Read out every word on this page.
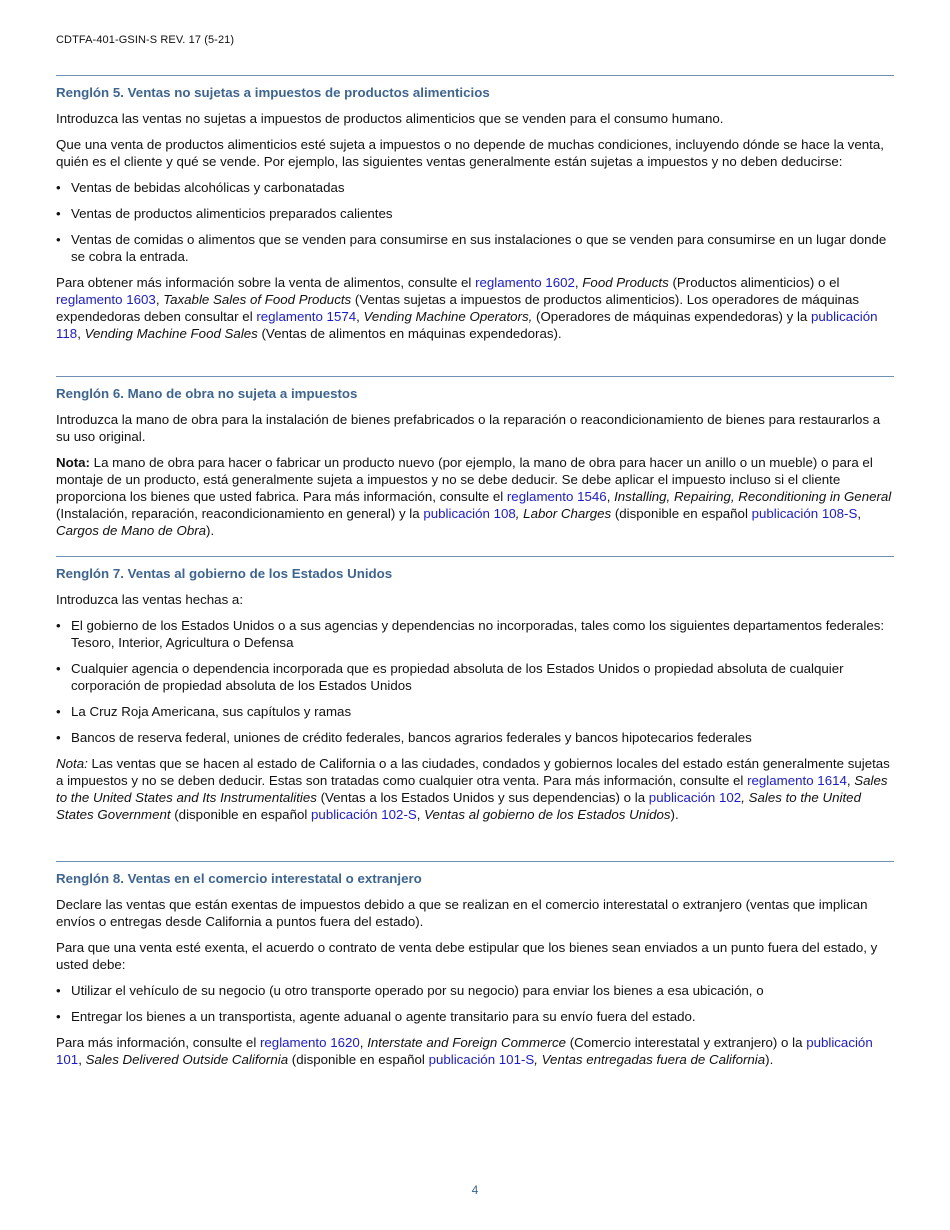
CDTFA-401-GSIN-S REV. 17 (5-21)
Renglón 5. Ventas no sujetas a impuestos de productos alimenticios

Introduzca las ventas no sujetas a impuestos de productos alimenticios que se venden para el consumo humano.

Que una venta de productos alimenticios esté sujeta a impuestos o no depende de muchas condiciones, incluyendo dónde se hace la venta, quién es el cliente y qué se vende. Por ejemplo, las siguientes ventas generalmente están sujetas a impuestos y no deben deducirse:

• Ventas de bebidas alcohólicas y carbonatadas
• Ventas de productos alimenticios preparados calientes
• Ventas de comidas o alimentos que se venden para consumirse en sus instalaciones o que se venden para consumirse en un lugar donde se cobra la entrada.

Para obtener más información sobre la venta de alimentos, consulte el reglamento 1602, Food Products (Productos alimenticios) o el reglamento 1603, Taxable Sales of Food Products (Ventas sujetas a impuestos de productos alimenticios). Los operadores de máquinas expendedoras deben consultar el reglamento 1574, Vending Machine Operators, (Operadores de máquinas expendedoras) y la publicación 118, Vending Machine Food Sales (Ventas de alimentos en máquinas expendedoras).

Renglón 6. Mano de obra no sujeta a impuestos

Introduzca la mano de obra para la instalación de bienes prefabricados o la reparación o reacondicionamiento de bienes para restaurarlos a su uso original.

Nota: La mano de obra para hacer o fabricar un producto nuevo (por ejemplo, la mano de obra para hacer un anillo o un mueble) o para el montaje de un producto, está generalmente sujeta a impuestos y no se debe deducir. Se debe aplicar el impuesto incluso si el cliente proporciona los bienes que usted fabrica. Para más información, consulte el reglamento 1546, Installing, Repairing, Reconditioning in General (Instalación, reparación, reacondicionamiento en general) y la publicación 108, Labor Charges (disponible en español publicación 108-S, Cargos de Mano de Obra).

Renglón 7. Ventas al gobierno de los Estados Unidos

Introduzca las ventas hechas a:

• El gobierno de los Estados Unidos o a sus agencias y dependencias no incorporadas, tales como los siguientes departamentos federales: Tesoro, Interior, Agricultura o Defensa
• Cualquier agencia o dependencia incorporada que es propiedad absoluta de los Estados Unidos o propiedad absoluta de cualquier corporación de propiedad absoluta de los Estados Unidos
• La Cruz Roja Americana, sus capítulos y ramas
• Bancos de reserva federal, uniones de crédito federales, bancos agrarios federales y bancos hipotecarios federales

Nota: Las ventas que se hacen al estado de California o a las ciudades, condados y gobiernos locales del estado están generalmente sujetas a impuestos y no se deben deducir. Estas son tratadas como cualquier otra venta. Para más información, consulte el reglamento 1614, Sales to the United States and Its Instrumentalities (Ventas a los Estados Unidos y sus dependencias) o la publicación 102, Sales to the United States Government (disponible en español publicación 102-S, Ventas al gobierno de los Estados Unidos).

Renglón 8. Ventas en el comercio interestatal o extranjero

Declare las ventas que están exentas de impuestos debido a que se realizan en el comercio interestatal o extranjero (ventas que implican envíos o entregas desde California a puntos fuera del estado).

Para que una venta esté exenta, el acuerdo o contrato de venta debe estipular que los bienes sean enviados a un punto fuera del estado, y usted debe:

• Utilizar el vehículo de su negocio (u otro transporte operado por su negocio) para enviar los bienes a esa ubicación, o
• Entregar los bienes a un transportista, agente aduanal o agente transitario para su envío fuera del estado.

Para más información, consulte el reglamento 1620, Interstate and Foreign Commerce (Comercio interestatal y extranjero) o la publicación 101, Sales Delivered Outside California (disponible en español publicación 101-S, Ventas entregadas fuera de California).

4
